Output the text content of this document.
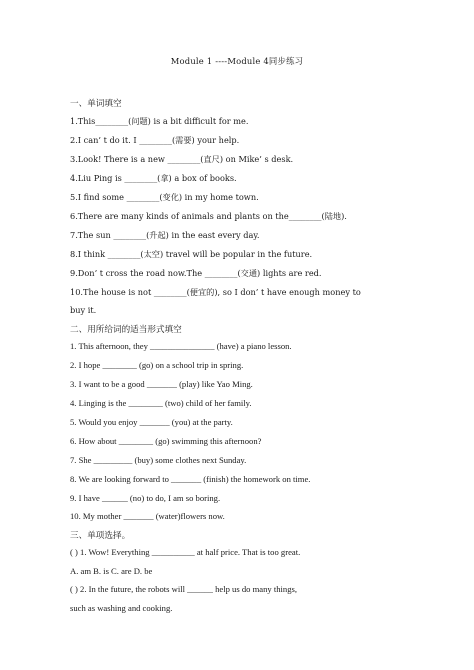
Module 1 ----Module 4同步练习
一、单词填空
1.This________(问题) is a bit difficult for me.
2.I can’ t do it. I ________(需要) your help.
3.Look! There is a new ________(直尺) on Mike’ s desk.
4.Liu Ping is ________(拿) a box of books.
5.I find some ________(变化) in my home town.
6.There are many kinds of animals and plants on the________(陆地).
7.The sun ________(升起) in the east every day.
8.I think ________(太空) travel will be popular in the future.
9.Don’ t cross the road now.The ________(交通) lights are red.
10.The house is not ________(便宜的), so I don’ t have enough money to
buy it.
二、用所给词的适当形式填空
1. This afternoon, they _______________ (have) a piano lesson.
2. I hope ________ (go) on a school trip in spring.
3. I want to be a good _______ (play) like Yao Ming.
4. Linging is the ________ (two) child of her family.
5. Would you enjoy _______ (you) at the party.
6. How about ________ (go) swimming this afternoon?
7. She _________ (buy) some clothes next Sunday.
8. We are looking forward to _______ (finish) the homework on time.
9. I have ______ (no) to do, I am so boring.
10. My mother _______ (water)flowers now.
三、单项选择。
( ) 1. Wow! Everything __________ at half price. That is too great.
A. am B. is C. are D. be
( ) 2. In the future, the robots will ______ help us do many things,
such as washing and cooking.
